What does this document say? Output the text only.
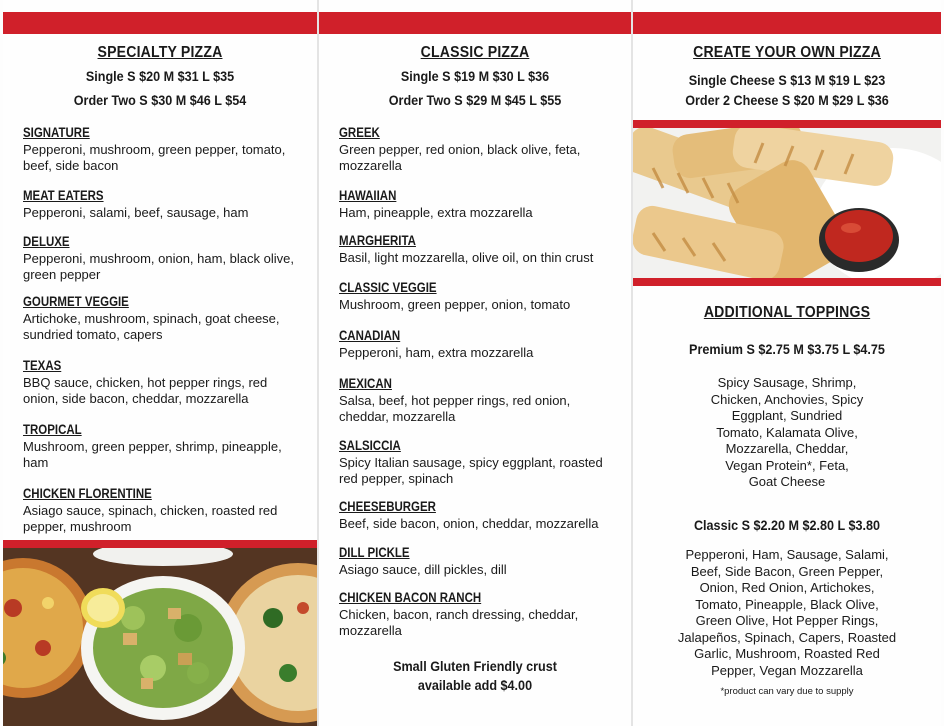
SPECIALTY PIZZA
Single S $20 M $31 L $35
Order Two S $30 M $46 L $54
SIGNATURE
Pepperoni, mushroom, green pepper, tomato, beef, side bacon
MEAT EATERS
Pepperoni, salami, beef, sausage, ham
DELUXE
Pepperoni, mushroom, onion, ham, black olive, green pepper
GOURMET VEGGIE
Artichoke, mushroom, spinach, goat cheese, sundried tomato, capers
TEXAS
BBQ sauce, chicken, hot pepper rings, red onion, side bacon, cheddar, mozzarella
TROPICAL
Mushroom, green pepper, shrimp, pineapple, ham
CHICKEN FLORENTINE
Asiago sauce, spinach, chicken, roasted red pepper, mushroom
CLASSIC PIZZA
Single S $19 M $30 L $36
Order Two S $29 M $45 L $55
GREEK
Green pepper, red onion, black olive, feta, mozzarella
HAWAIIAN
Ham, pineapple, extra mozzarella
MARGHERITA
Basil, light mozzarella, olive oil, on thin crust
CLASSIC VEGGIE
Mushroom, green pepper, onion, tomato
CANADIAN
Pepperoni, ham, extra mozzarella
MEXICAN
Salsa, beef, hot pepper rings, red onion, cheddar, mozzarella
SALSICCIA
Spicy Italian sausage, spicy eggplant, roasted red pepper, spinach
CHEESEBURGER
Beef, side bacon, onion, cheddar, mozzarella
DILL PICKLE
Asiago sauce, dill pickles, dill
CHICKEN BACON RANCH
Chicken, bacon, ranch dressing, cheddar, mozzarella
Small Gluten Friendly crust
available add $4.00
CREATE YOUR OWN PIZZA
Single Cheese S $13 M $19 L $23
Order 2 Cheese S $20 M $29 L $36
ADDITIONAL TOPPINGS
Premium S $2.75 M $3.75 L $4.75
Spicy Sausage, Shrimp,
Chicken, Anchovies, Spicy
Eggplant, Sundried
Tomato, Kalamata Olive,
Mozzarella, Cheddar,
Vegan Protein*, Feta,
Goat Cheese
Classic S $2.20 M $2.80 L $3.80
Pepperoni, Ham, Sausage, Salami,
Beef, Side Bacon, Green Pepper,
Onion, Red Onion, Artichokes,
Tomato, Pineapple, Black Olive,
Green Olive, Hot Pepper Rings,
Jalapeños, Spinach, Capers, Roasted
Garlic, Mushroom, Roasted Red
Pepper, Vegan Mozzarella
*product can vary due to supply
